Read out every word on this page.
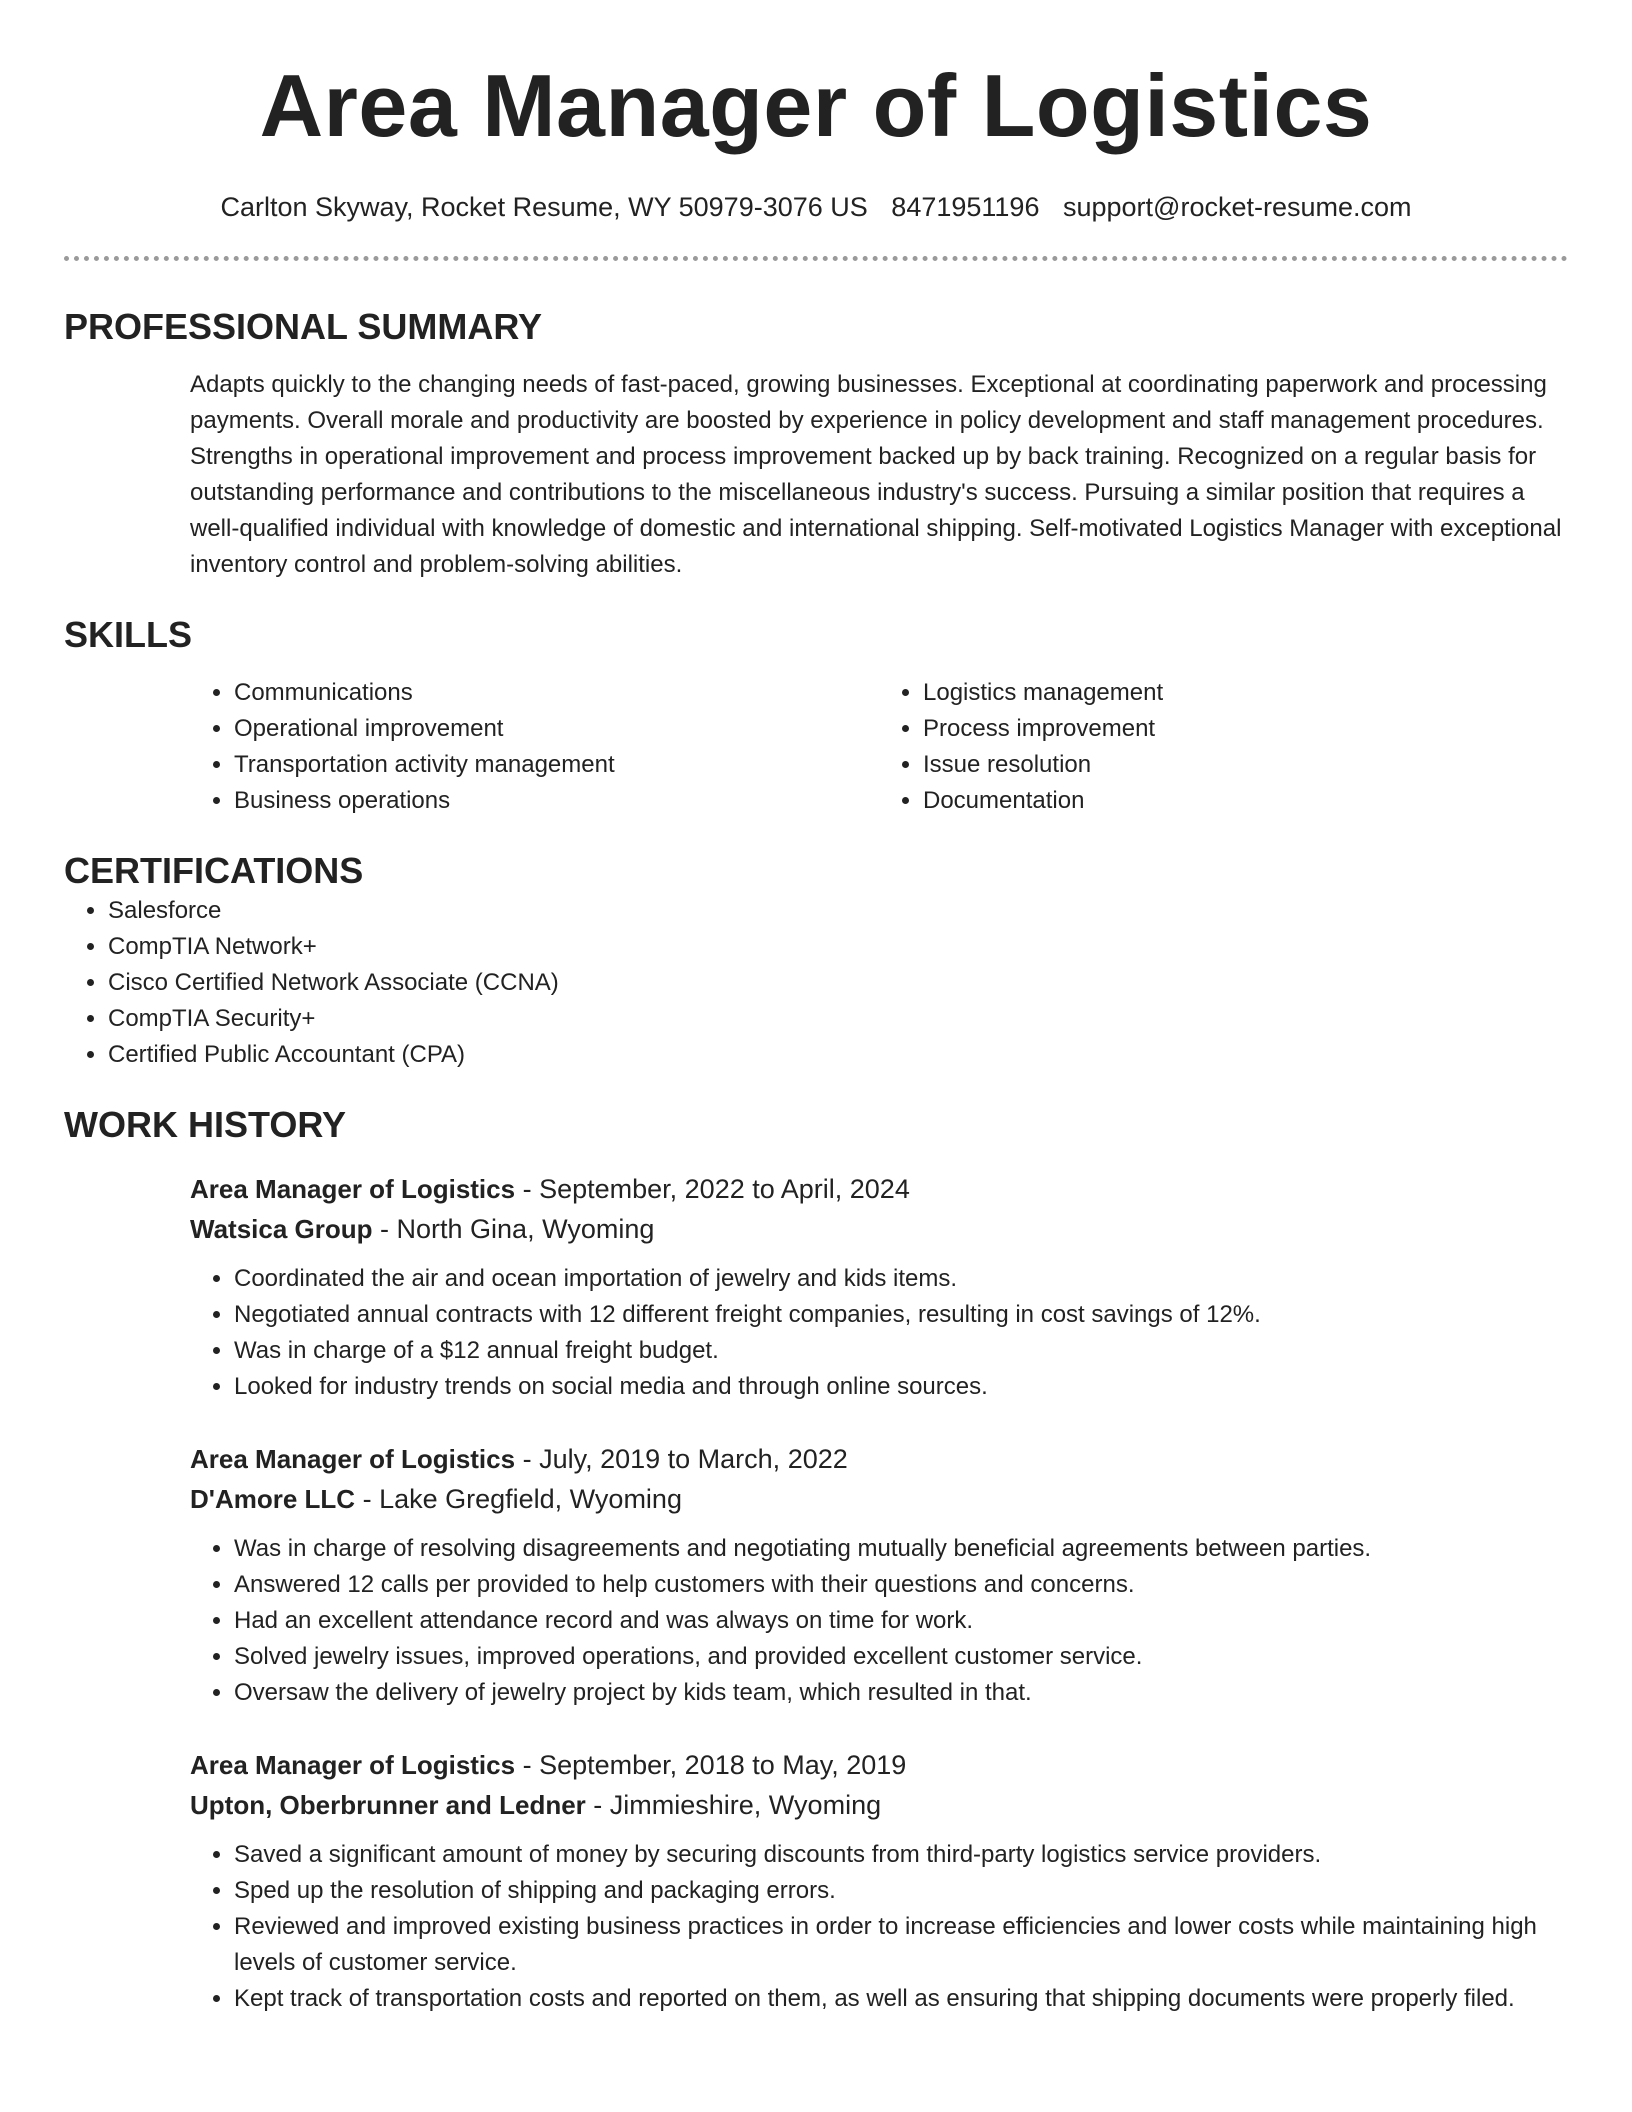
Area Manager of Logistics
Carlton Skyway, Rocket Resume, WY 50979-3076 US 8471951196 support@rocket-resume.com
PROFESSIONAL SUMMARY

Adapts quickly to the changing needs of fast-paced, growing businesses. Exceptional at coordinating paperwork and processing payments. Overall morale and productivity are boosted by experience in policy development and staff management procedures. Strengths in operational improvement and process improvement backed up by back training. Recognized on a regular basis for outstanding performance and contributions to the miscellaneous industry's success. Pursuing a similar position that requires a well-qualified individual with knowledge of domestic and international shipping. Self-motivated Logistics Manager with exceptional inventory control and problem-solving abilities.

SKILLS
• Communications
• Operational improvement
• Transportation activity management
• Business operations
• Logistics management
• Process improvement
• Issue resolution
• Documentation
CERTIFICATIONS
• Salesforce
• CompTIA Network+
• Cisco Certified Network Associate (CCNA)
• CompTIA Security+
• Certified Public Accountant (CPA)
WORK HISTORY
Area Manager of Logistics - September, 2022 to April, 2024
Watsica Group - North Gina, Wyoming
• Coordinated the air and ocean importation of jewelry and kids items.
• Negotiated annual contracts with 12 different freight companies, resulting in cost savings of 12%.
• Was in charge of a $12 annual freight budget.
• Looked for industry trends on social media and through online sources.
Area Manager of Logistics - July, 2019 to March, 2022
D'Amore LLC - Lake Gregfield, Wyoming
• Was in charge of resolving disagreements and negotiating mutually beneficial agreements between parties.
• Answered 12 calls per provided to help customers with their questions and concerns.
• Had an excellent attendance record and was always on time for work.
• Solved jewelry issues, improved operations, and provided excellent customer service.
• Oversaw the delivery of jewelry project by kids team, which resulted in that.
Area Manager of Logistics - September, 2018 to May, 2019
Upton, Oberbrunner and Ledner - Jimmieshire, Wyoming
• Saved a significant amount of money by securing discounts from third-party logistics service providers.
• Sped up the resolution of shipping and packaging errors.
• Reviewed and improved existing business practices in order to increase efficiencies and lower costs while maintaining high levels of customer service.
• Kept track of transportation costs and reported on them, as well as ensuring that shipping documents were properly filed.
